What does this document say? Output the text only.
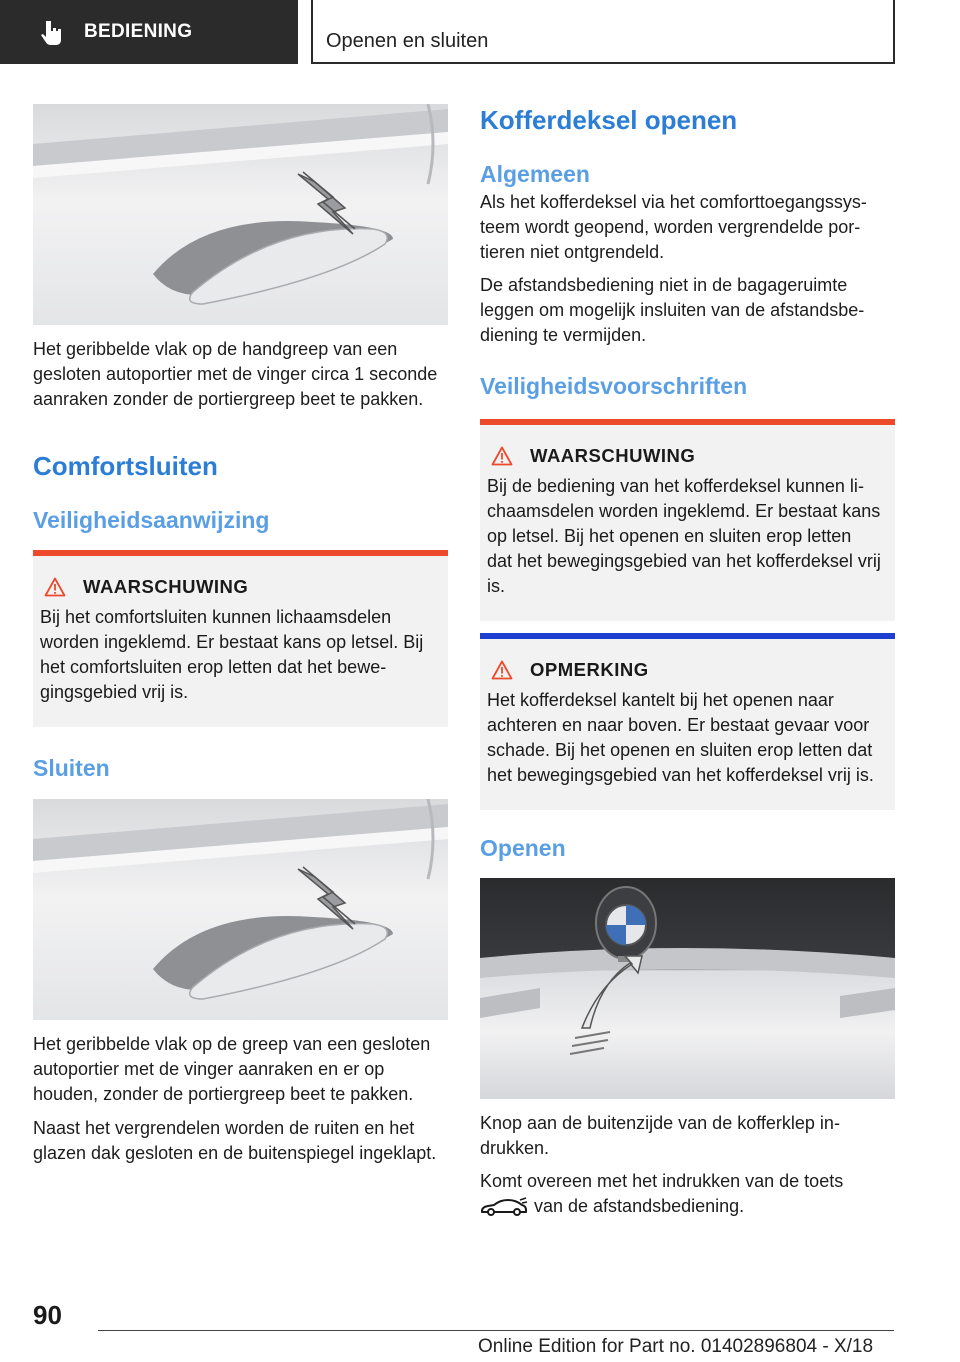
BEDIENING	Openen en sluiten

Het geribbelde vlak op de handgreep van een gesloten autoportier met de vinger circa 1 seconde aanraken zonder de portiergreep beet te pakken.

Comfortsluiten
Veiligheidsaanwijzing
WAARSCHUWING

Bij het comfortsluiten kunnen lichaamsdelen worden ingeklemd. Er bestaat kans op letsel. Bij het comfortsluiten erop letten dat het bewegingsgebied vrij is.

Sluiten

Het geribbelde vlak op de greep van een gesloten autoportier met de vinger aanraken en er op houden, zonder de portiergreep beet te pakken.

Naast het vergrendelen worden de ruiten en het glazen dak gesloten en de buitenspiegel ingeklapt.

Kofferdeksel openen
Algemeen

Als het kofferdeksel via het comforttoegangssysteem wordt geopend, worden vergrendelde portieren niet ontgrendeld.

De afstandsbediening niet in de bagageruimte leggen om mogelijk insluiten van de afstandsbediening te vermijden.

Veiligheidsvoorschriften
WAARSCHUWING

Bij de bediening van het kofferdeksel kunnen lichaamsdelen worden ingeklemd. Er bestaat kans op letsel. Bij het openen en sluiten erop letten dat het bewegingsgebied van het kofferdeksel vrij is.

OPMERKING

Het kofferdeksel kantelt bij het openen naar achteren en naar boven. Er bestaat gevaar voor schade. Bij het openen en sluiten erop letten dat het bewegingsgebied van het kofferdeksel vrij is.

Openen

Knop aan de buitenzijde van de kofferklep indrukken.

Komt overeen met het indrukken van de toets
van de afstandsbediening.

90
Online Edition for Part no. 01402896804 - X/18
